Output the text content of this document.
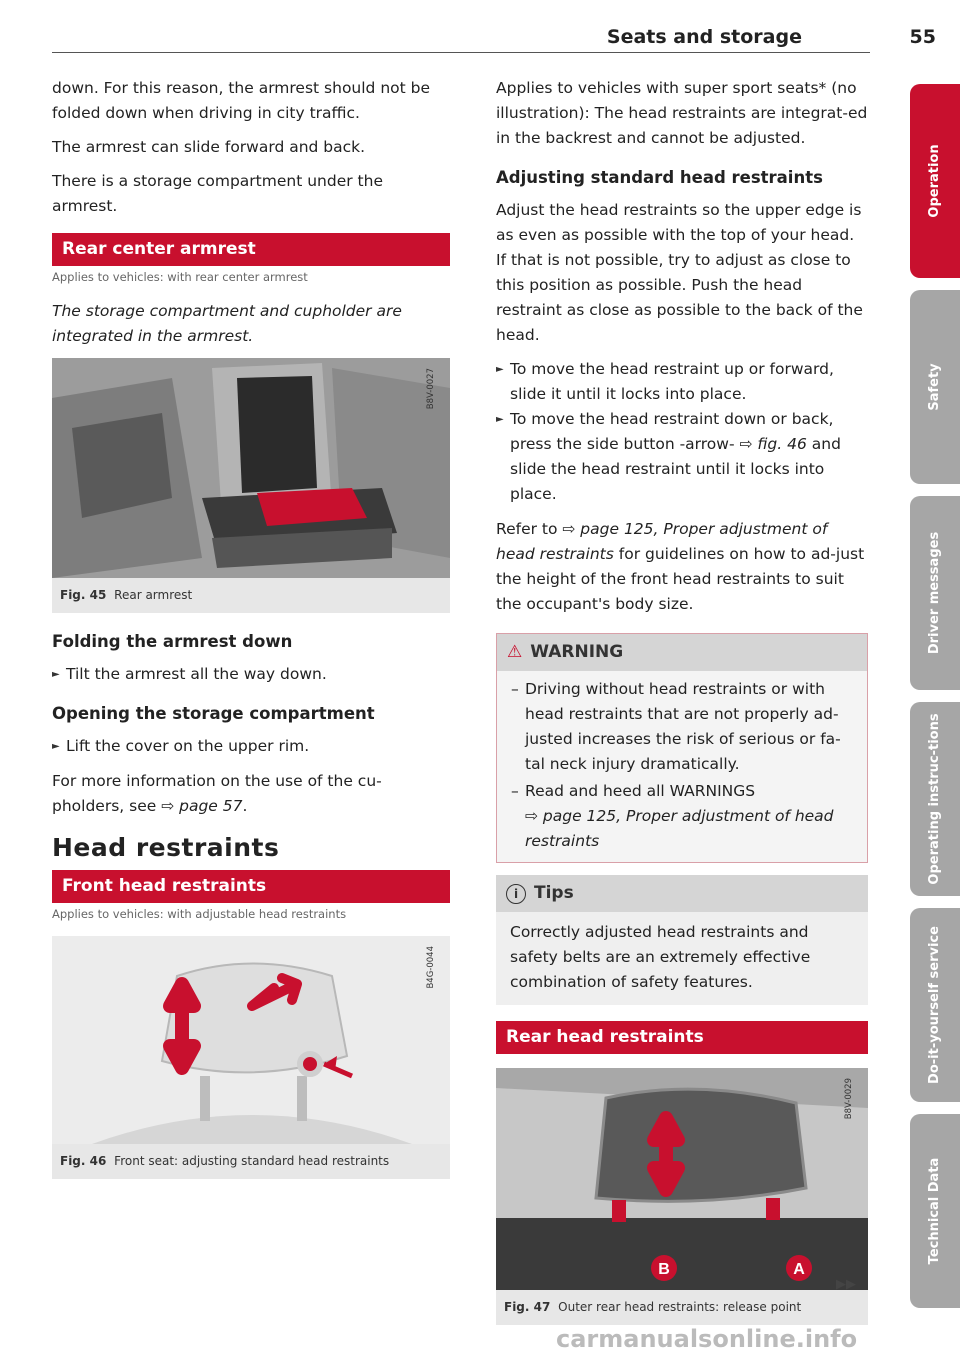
Seats and storage	55

down. For this reason, the armrest should not be folded down when driving in city traffic.

The armrest can slide forward and back.

There is a storage compartment under the armrest.

Rear center armrest
Applies to vehicles: with rear center armrest

The storage compartment and cupholder are integrated in the armrest.

B8V-0027
Fig. 45 Rear armrest
Folding the armrest down

► Tilt the armrest all the way down.

Opening the storage compartment

► Lift the cover on the upper rim.

For more information on the use of the cu-pholders, see ⇨ page 57.

Head restraints
Front head restraints
Applies to vehicles: with adjustable head restraints
B4G-0044
Fig. 46 Front seat: adjusting standard head restraints

Applies to vehicles with super sport seats* (no illustration): The head restraints are integrat-ed in the backrest and cannot be adjusted.

Adjusting standard head restraints

Adjust the head restraints so the upper edge is as even as possible with the top of your head. If that is not possible, try to adjust as close to this position as possible. Push the head restraint as close as possible to the back of the head.

► To move the head restraint up or forward, slide it until it locks into place.

► To move the head restraint down or back, press the side button -arrow- ⇨ fig. 46 and slide the head restraint until it locks into place.

Refer to ⇨ page 125, Proper adjustment of head restraints for guidelines on how to ad-just the height of the front head restraints to suit the occupant's body size.

⚠ WARNING
– Driving without head restraints or with head restraints that are not properly ad-justed increases the risk of serious or fa-tal neck injury dramatically.
– Read and heed all WARNINGS
⇨ page 125, Proper adjustment of head restraints
i Tips
Correctly adjusted head restraints and safety belts are an extremely effective combination of safety features.
Rear head restraints
B	A
B8V-0029
Fig. 47 Outer rear head restraints: release point
▶▶
Operation
Safety
Driver messages
Operating instruc-tions
Do-it-yourself service
Technical Data
carmanualsonline.info
